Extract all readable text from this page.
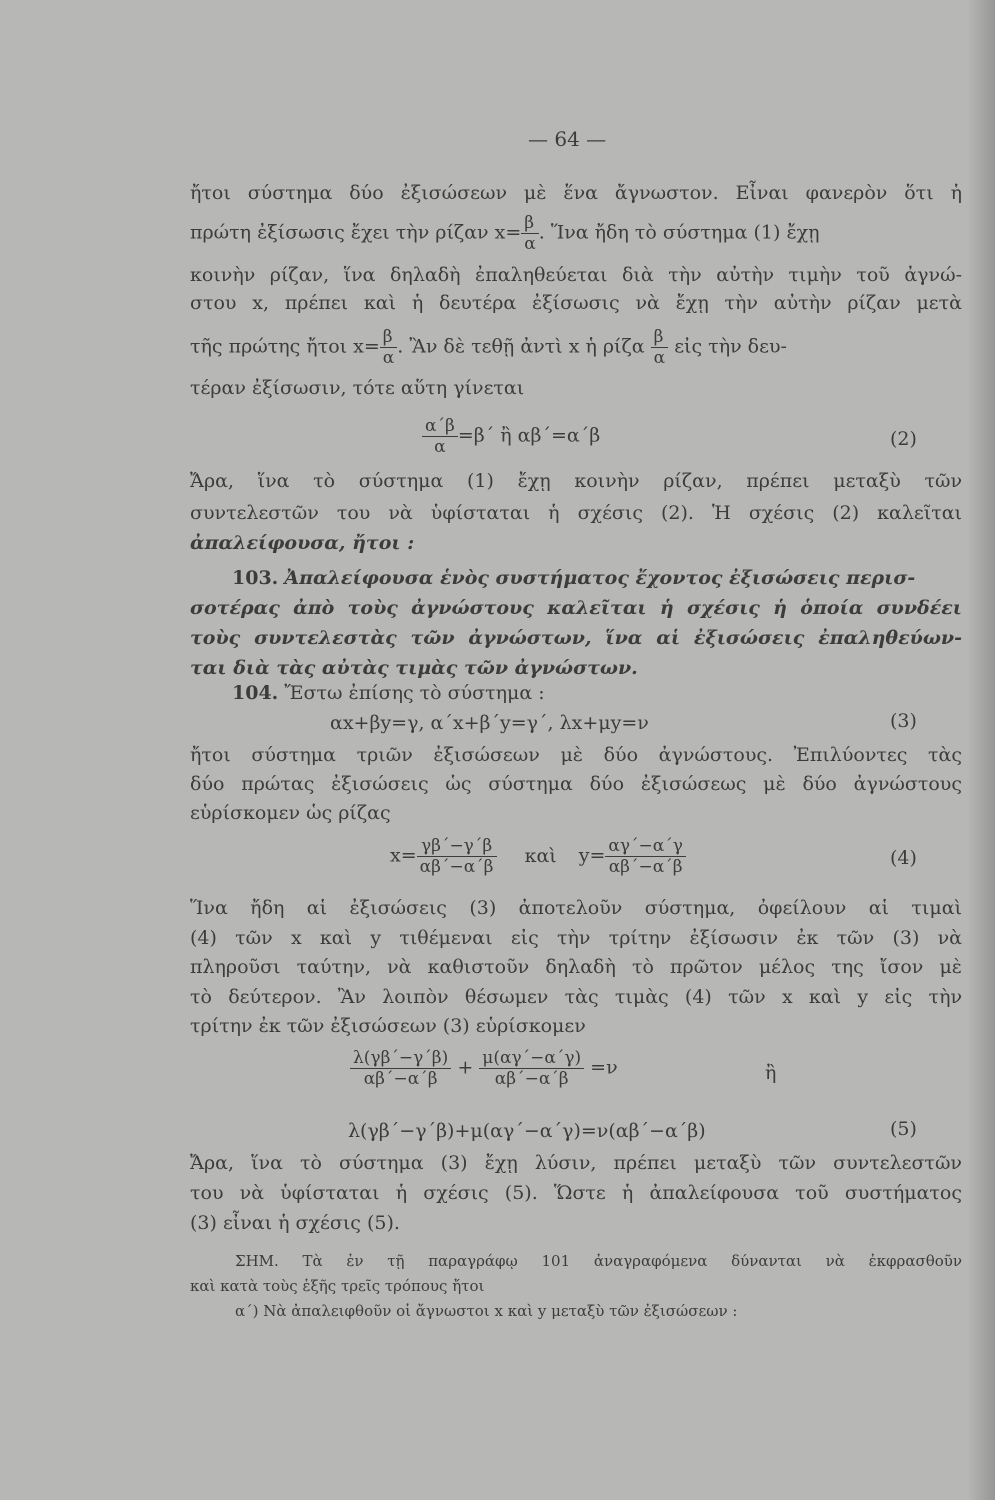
— 64 —
ἤτοι σύστημα δύο ἐξισώσεων μὲ ἕνα ἄγνωστον. Εἶναι φανερὸν ὅτι ἡ
πρώτη ἐξίσωσις ἔχει τὴν ρίζαν $x= \frac{\beta}{\alpha}$ . Ἵνα ἤδη τὸ σύστημα (1) ἔχῃ
κοινὴν ρίζαν, ἵνα δηλαδὴ ἐπαληθεύεται διὰ τὴν αὐτὴν τιμὴν τοῦ ἀγνώ-
στου x, πρέπει καὶ ἡ δευτέρα ἐξίσωσις νὰ ἔχῃ τὴν αὐτὴν ρίζαν μετὰ
τῆς πρώτης ἤτοι $x= \frac{\beta}{\alpha}$ . Ἂν δὲ τεθῇ ἀντὶ x ἡ ρίζα $\frac{\beta}{\alpha}$ εἰς τὴν δευ-
τέραν ἐξίσωσιν, τότε αὕτη γίνεται
$\frac{\alpha΄\beta}{\alpha} =\beta΄$ ἢ αβ΄=α΄β	(2)
Ἄρα, ἵνα τὸ σύστημα (1) ἔχῃ κοινὴν ρίζαν, πρέπει μεταξὺ τῶν
συντελεστῶν του νὰ ὑφίσταται ἡ σχέσις (2). Ἡ σχέσις (2) καλεῖται
ἀπαλείφουσα, ἤτοι :
103. Ἀπαλείφουσα ἑνὸς συστήματος ἔχοντος ἐξισώσεις περισ-
σοτέρας ἀπὸ τοὺς ἀγνώστους καλεῖται ἡ σχέσις ἡ ὁποία συνδέει
τοὺς συντελεστὰς τῶν ἀγνώστων, ἵνα αἱ ἐξισώσεις ἐπαληθεύων-
ται διὰ τὰς αὐτὰς τιμὰς τῶν ἀγνώστων.
104. Ἔστω ἐπίσης τὸ σύστημα :
αx+βy=γ, α΄x+β΄y=γ΄, λx+μy=ν	(3)
ἤτοι σύστημα τριῶν ἐξισώσεων μὲ δύο ἀγνώστους. Ἐπιλύοντες τὰς
δύο πρώτας ἐξισώσεις ὡς σύστημα δύο ἐξισώσεως μὲ δύο ἀγνώστους
εὑρίσκομεν ὡς ρίζας
$x= \frac{\gamma\beta΄-\gamma΄\beta}{\alpha\beta΄-\alpha΄\beta}$ καὶ $y= \frac{\alpha\gamma΄-\alpha΄\gamma}{\alpha\beta΄-\alpha΄\beta}$	(4)
Ἵνα ἤδη αἱ ἐξισώσεις (3) ἀποτελοῦν σύστημα, ὀφείλουν αἱ τιμαὶ
(4) τῶν x καὶ y τιθέμεναι εἰς τὴν τρίτην ἐξίσωσιν ἐκ τῶν (3) νὰ
πληροῦσι ταύτην, νὰ καθιστοῦν δηλαδὴ τὸ πρῶτον μέλος της ἴσον μὲ
τὸ δεύτερον. Ἂν λοιπὸν θέσωμεν τὰς τιμὰς (4) τῶν x καὶ y εἰς τὴν
τρίτην ἐκ τῶν ἐξισώσεων (3) εὑρίσκομεν
$\frac{\lambda(\gamma\beta΄-\gamma΄\beta)}{\alpha\beta΄-\alpha΄\beta} + \frac{\mu(\alpha\gamma΄-\alpha΄\gamma)}{\alpha\beta΄-\alpha΄\beta} =\nu$	ἢ
λ(γβ΄−γ΄β)+μ(αγ΄−α΄γ)=ν(αβ΄−α΄β)	(5)
Ἄρα, ἵνα τὸ σύστημα (3) ἔχῃ λύσιν, πρέπει μεταξὺ τῶν συντελεστῶν
του νὰ ὑφίσταται ἡ σχέσις (5). Ὥστε ἡ ἀπαλείφουσα τοῦ συστήματος
(3) εἶναι ἡ σχέσις (5).
ΣΗΜ. Τὰ ἐν τῇ παραγράφῳ 101 ἀναγραφόμενα δύνανται νὰ ἐκφρασθοῦν
καὶ κατὰ τοὺς ἑξῆς τρεῖς τρόπους ἤτοι
α΄) Νὰ ἀπαλειφθοῦν οἱ ἄγνωστοι x καὶ y μεταξὺ τῶν ἐξισώσεων :
